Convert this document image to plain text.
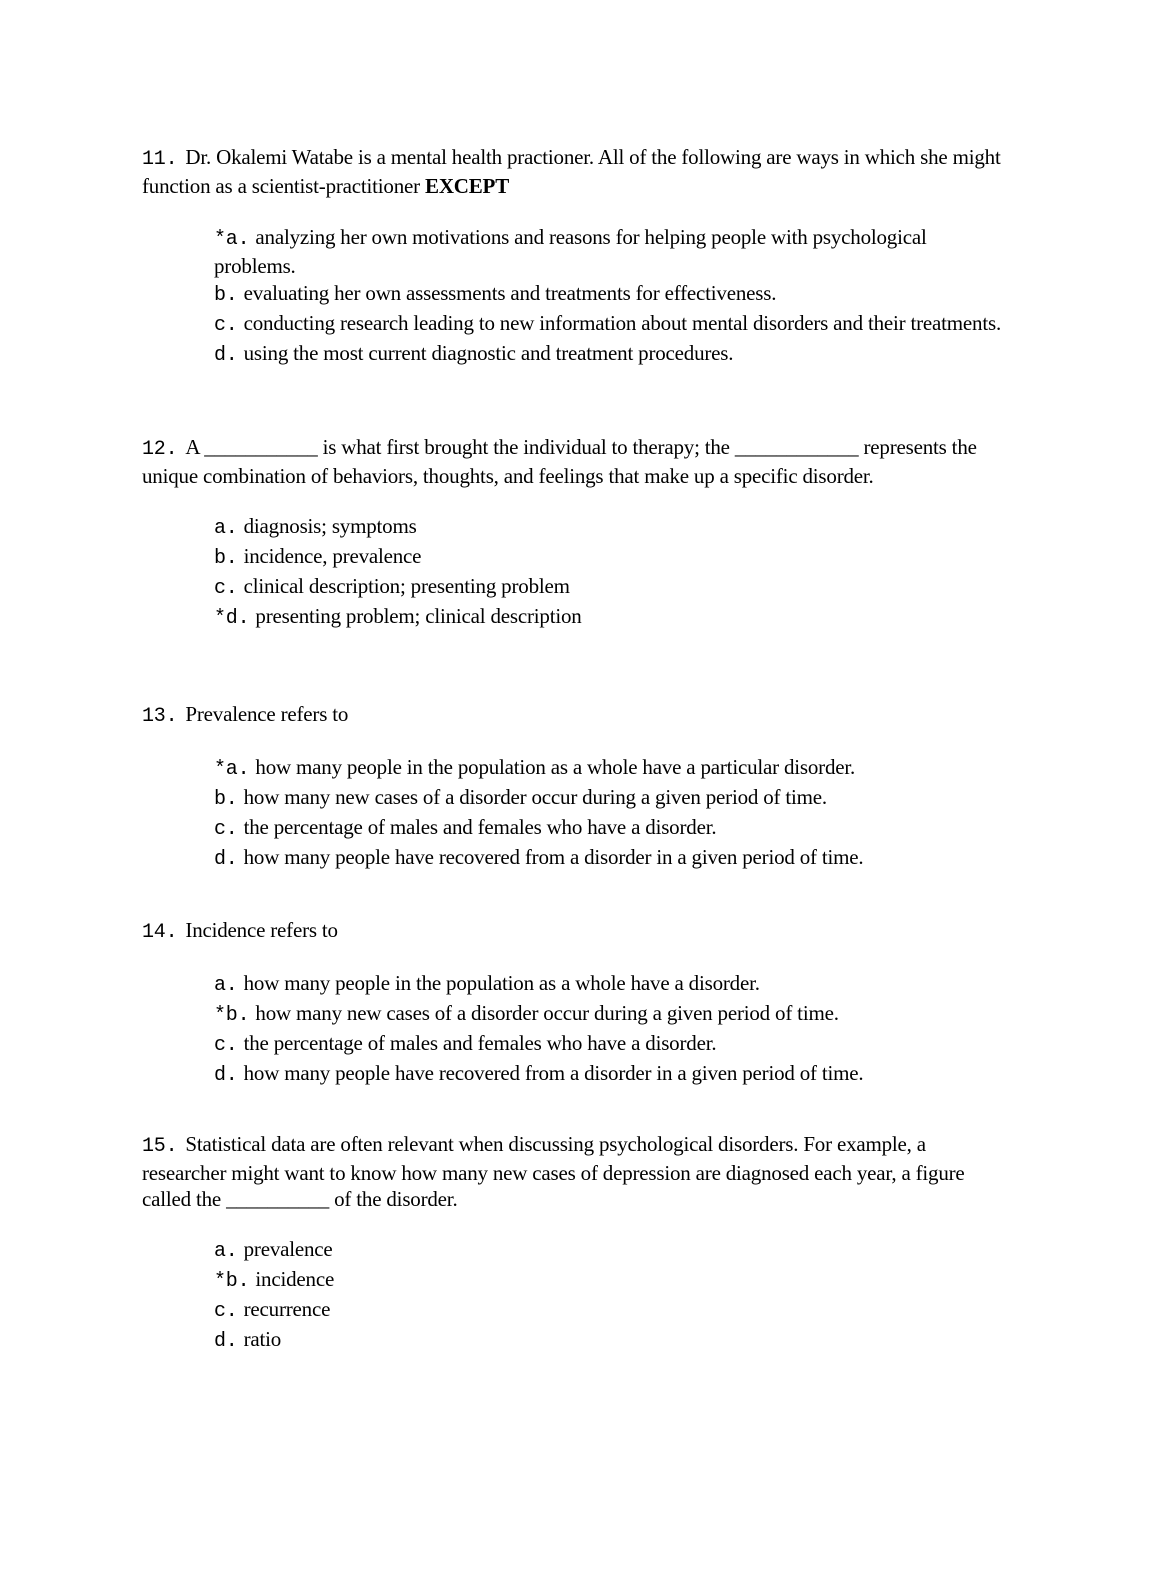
11. Dr. Okalemi Watabe is a mental health practioner. All of the following are ways in which she might function as a scientist-practitioner EXCEPT
*a. analyzing her own motivations and reasons for helping people with psychological problems.
b. evaluating her own assessments and treatments for effectiveness.
c. conducting research leading to new information about mental disorders and their treatments.
d. using the most current diagnostic and treatment procedures.
12. A ___________ is what first brought the individual to therapy; the ____________ represents the unique combination of behaviors, thoughts, and feelings that make up a specific disorder.
a. diagnosis; symptoms
b. incidence, prevalence
c. clinical description; presenting problem
*d. presenting problem; clinical description
13. Prevalence refers to
*a. how many people in the population as a whole have a particular disorder.
b. how many new cases of a disorder occur during a given period of time.
c. the percentage of males and females who have a disorder.
d. how many people have recovered from a disorder in a given period of time.
14. Incidence refers to
a. how many people in the population as a whole have a disorder.
*b. how many new cases of a disorder occur during a given period of time.
c. the percentage of males and females who have a disorder.
d. how many people have recovered from a disorder in a given period of time.
15. Statistical data are often relevant when discussing psychological disorders. For example, a researcher might want to know how many new cases of depression are diagnosed each year, a figure called the __________ of the disorder.
a. prevalence
*b. incidence
c. recurrence
d. ratio
